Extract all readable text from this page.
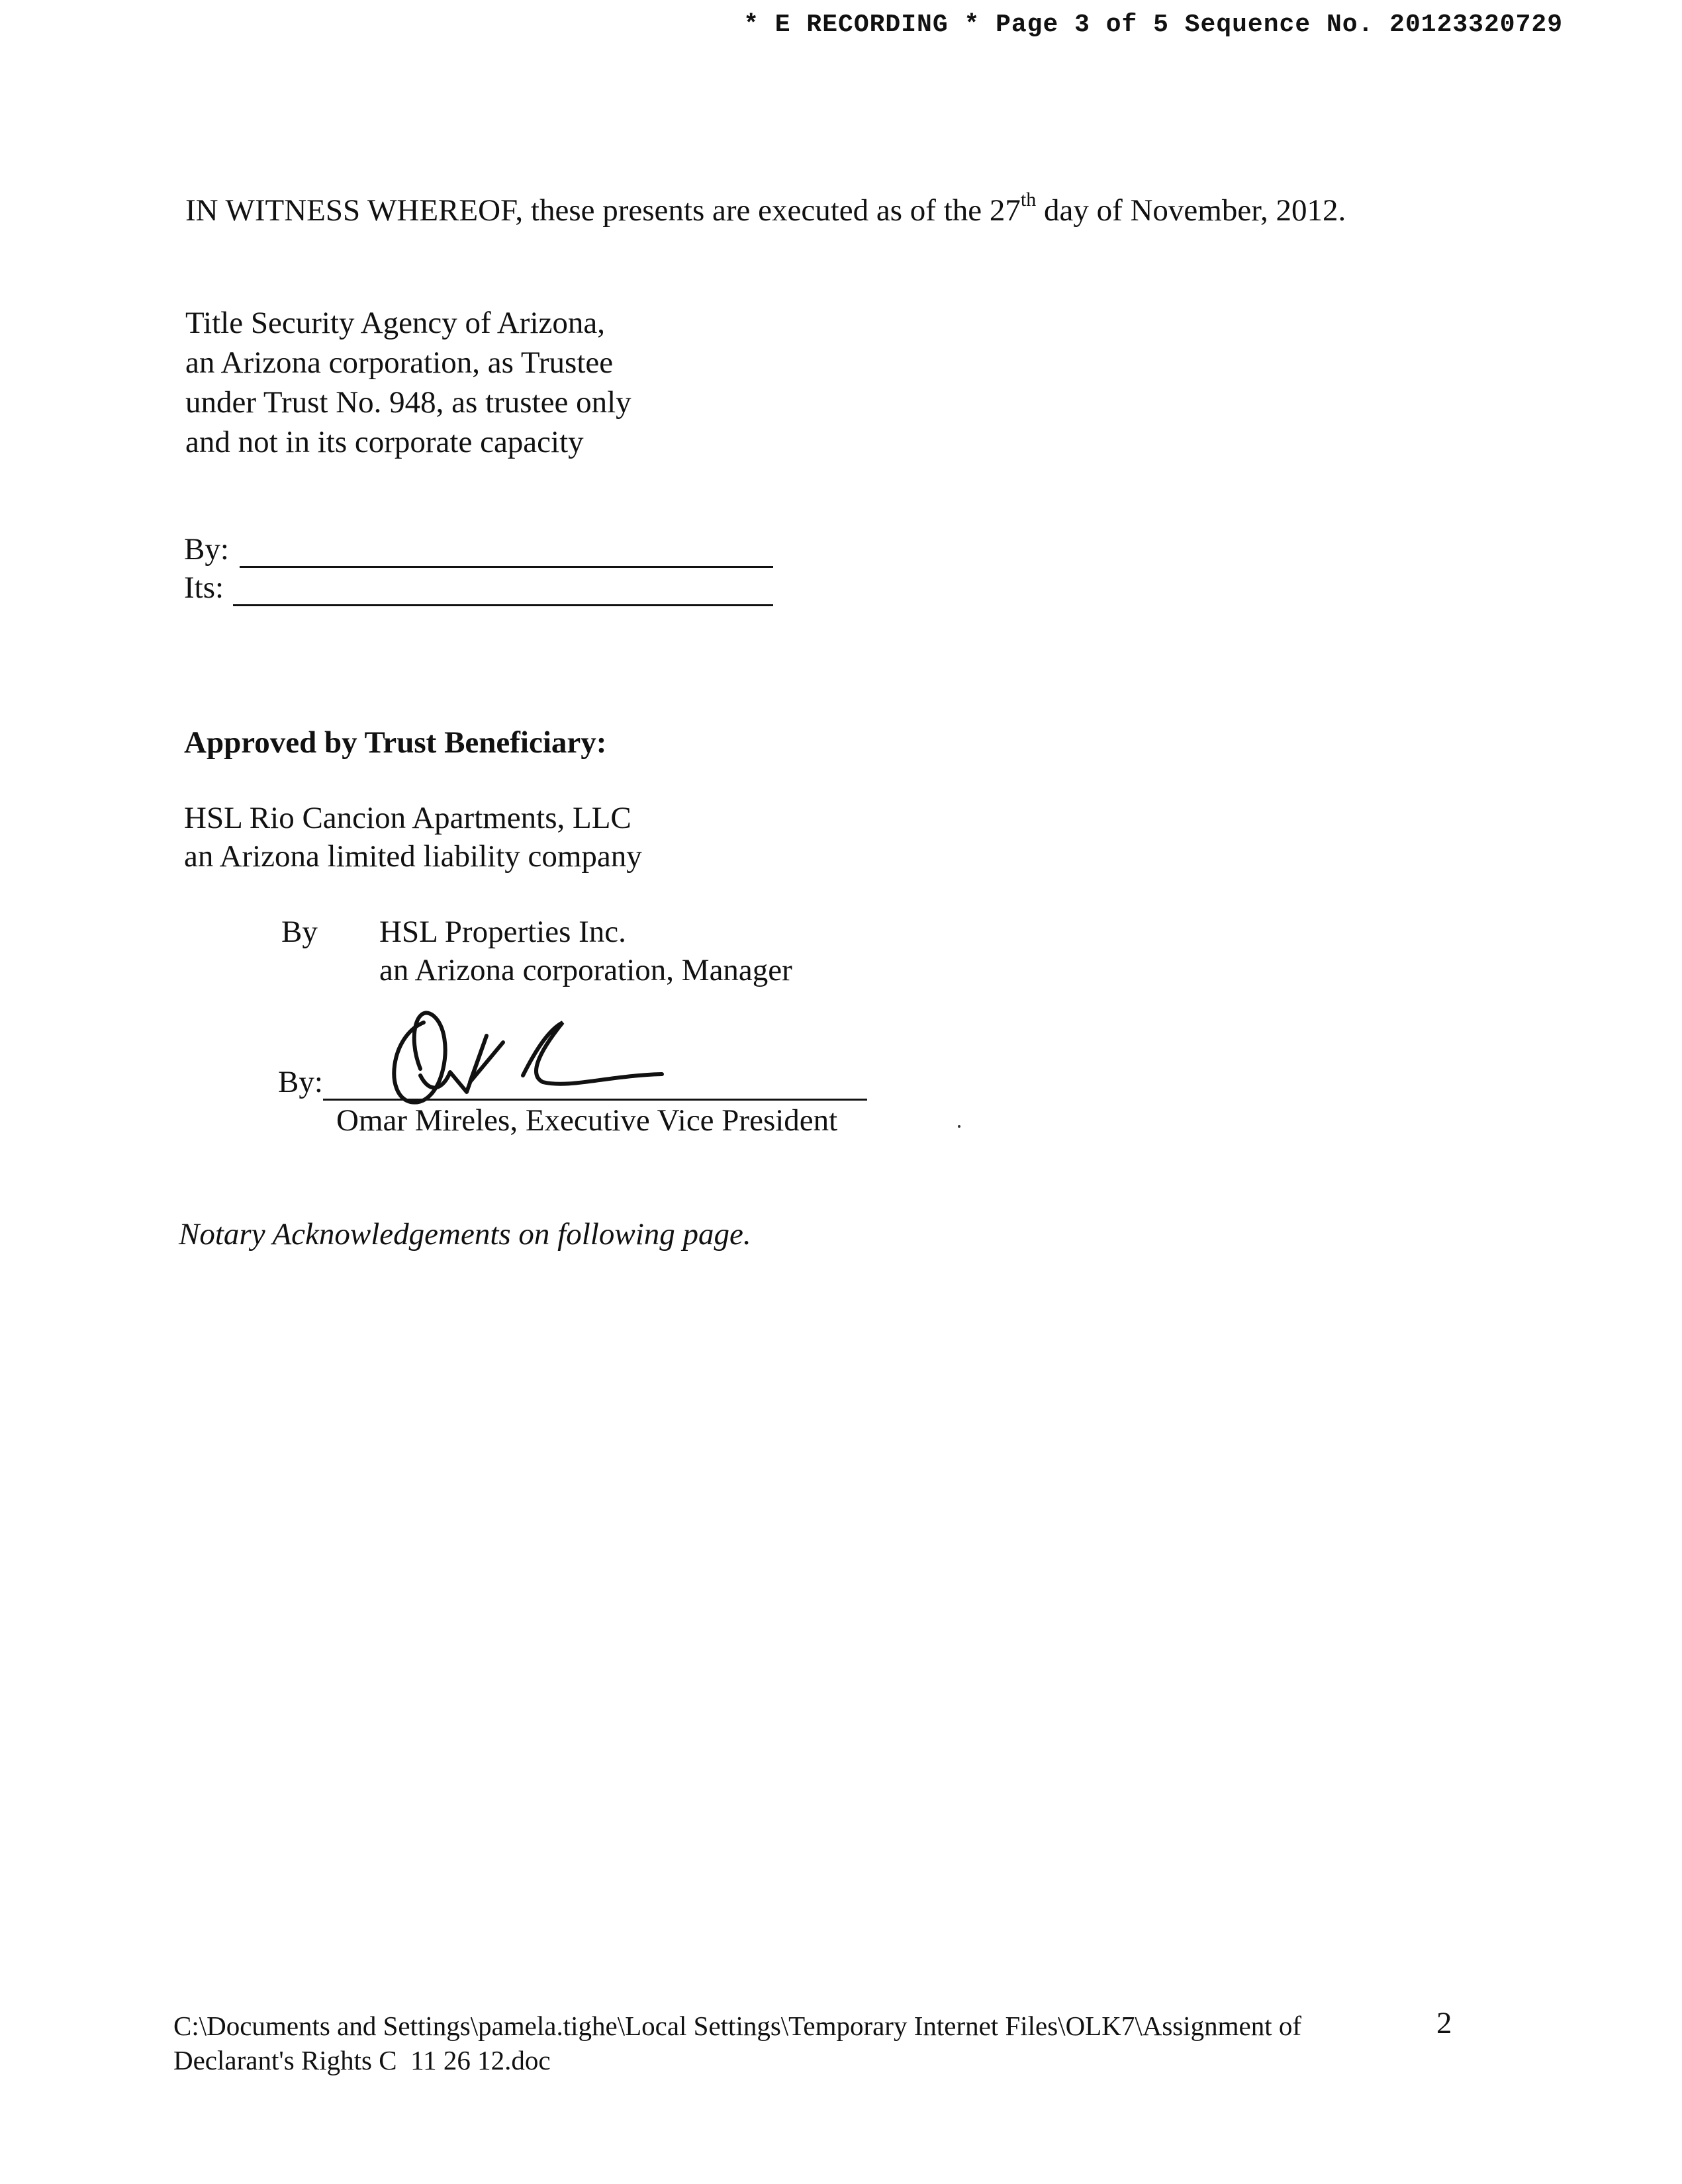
* E RECORDING * Page 3 of 5 Sequence No. 20123320729
IN WITNESS WHEREOF, these presents are executed as of the 27th day of November, 2012.
Title Security Agency of Arizona,
an Arizona corporation, as Trustee
under Trust No. 948, as trustee only
and not in its corporate capacity
By:
Its:
Approved by Trust Beneficiary:
HSL Rio Cancion Apartments, LLC
an Arizona limited liability company
By HSL Properties Inc.
an Arizona corporation, Manager
By:
Omar Mireles, Executive Vice President
Notary Acknowledgements on following page.
C:\Documents and Settings\pamela.tighe\Local Settings\Temporary Internet Files\OLK7\Assignment of
Declarant's Rights C  11 26 12.doc
2
